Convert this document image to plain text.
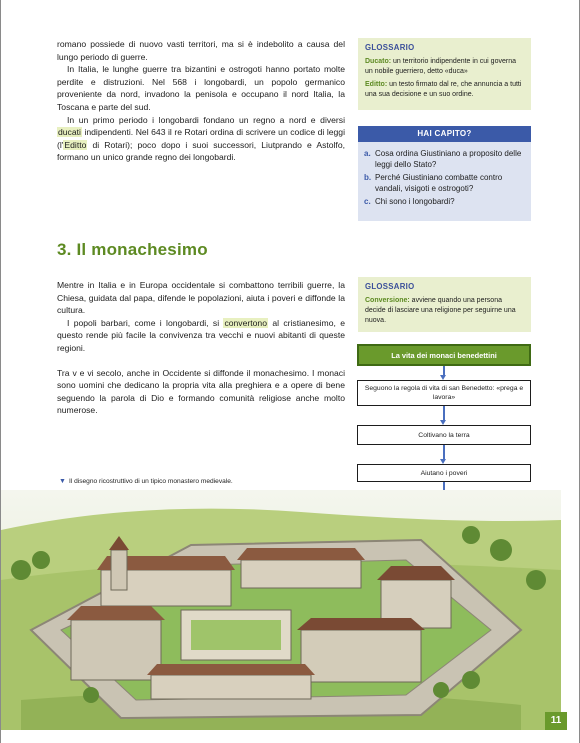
romano possiede di nuovo vasti territori, ma si è indebolito a causa del lungo periodo di guerre.

In Italia, le lunghe guerre tra bizantini e ostrogoti hanno portato molte perdite e distruzioni. Nel 568 i longobardi, un popolo germanico proveniente da nord, invadono la penisola e occupano il nord Italia, la Toscana e parte del sud.

In un primo periodo i longobardi fondano un regno a nord e diversi ducati indipendenti. Nel 643 il re Rotari ordina di scrivere un codice di leggi (l'Editto di Rotari); poco dopo i suoi successori, Liutprando e Astolfo, formano un unico grande regno dei longobardi.

GLOSSARIO

Ducato: un territorio indipendente in cui governa un nobile guerriero, detto «duca»

Editto: un testo firmato dal re, che annuncia a tutti una sua decisione e un suo ordine.

HAI CAPITO?
a. Cosa ordina Giustiniano a proposito delle leggi dello Stato?
b. Perché Giustiniano combatte contro vandali, visigoti e ostrogoti?
c. Chi sono i longobardi?
3. Il monachesimo

Mentre in Italia e in Europa occidentale si combattono terribili guerre, la Chiesa, guidata dal papa, difende le popolazioni, aiuta i poveri e diffonde la cultura.

I popoli barbari, come i longobardi, si convertono al cristianesimo, e questo rende più facile la convivenza tra vecchi e nuovi abitanti di queste regioni.

Tra v e vi secolo, anche in Occidente si diffonde il monachesimo. I monaci sono uomini che dedicano la propria vita alla preghiera e a opere di bene seguendo la parola di Dio e formando comunità religiose anche molto numerose.

GLOSSARIO

Conversione: avviene quando una persona decide di lasciare una religione per seguirne una nuova.

La vita dei monaci benedettini
Seguono la regola di vita di san Benedetto: «prega e lavora»
Coltivano la terra
Aiutano i poveri
▼ Il disegno ricostruttivo di un tipico monastero medievale.
11
